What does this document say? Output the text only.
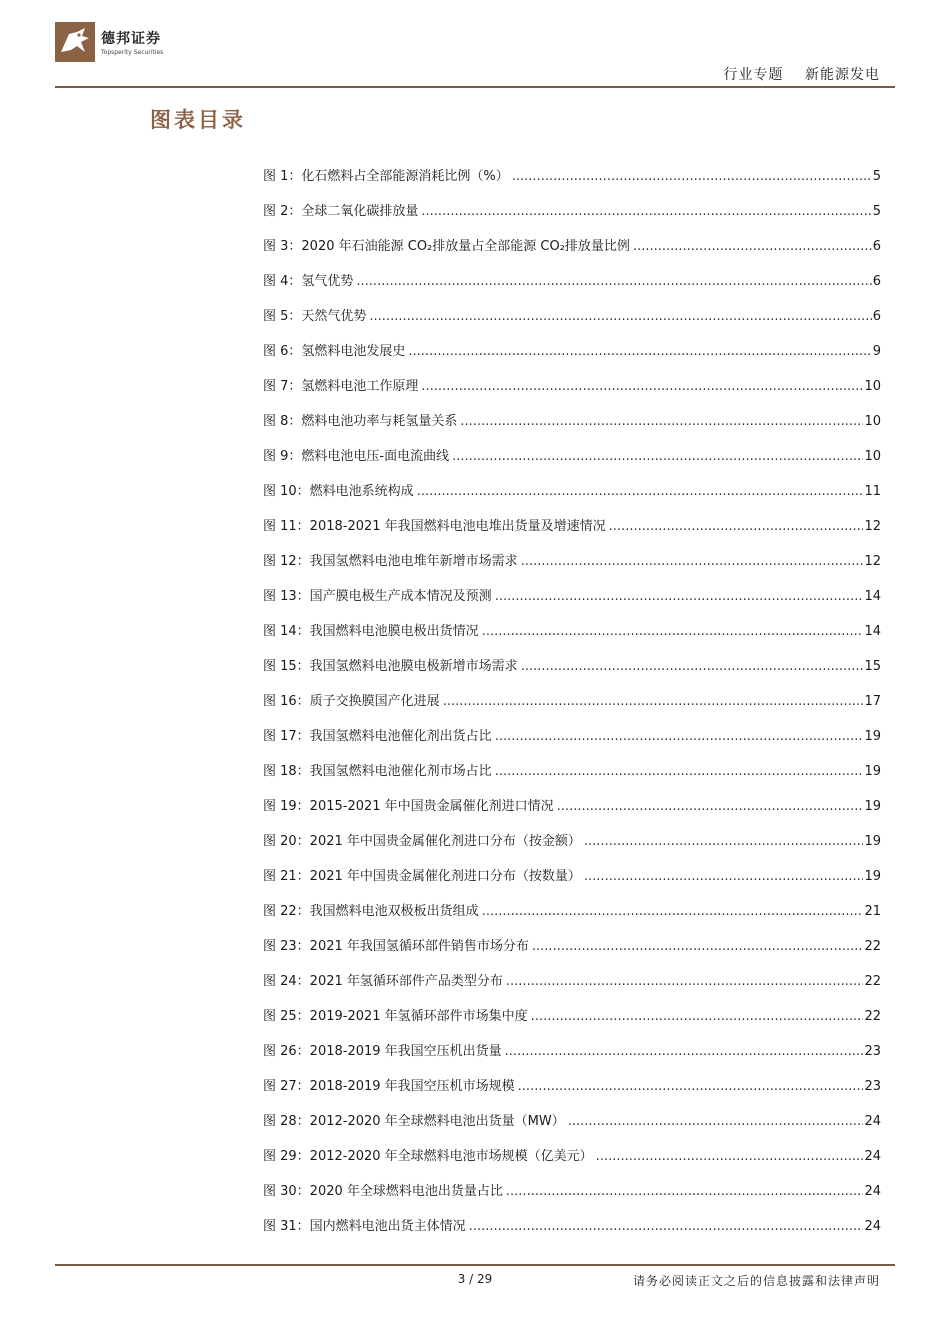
德邦证券
Topsperity Securities
行业专题 新能源发电
图表目录
图 1：化石燃料占全部能源消耗比例（%） .....	5
图 2：全球二氧化碳排放量 .....	5
图 3：2020 年石油能源 CO₂排放量占全部能源 CO₂排放量比例 .....	6
图 4：氢气优势 .....	6
图 5：天然气优势 .....	6
图 6：氢燃料电池发展史 .....	9
图 7：氢燃料电池工作原理 .....	10
图 8：燃料电池功率与耗氢量关系 .....	10
图 9：燃料电池电压-面电流曲线 .....	10
图 10：燃料电池系统构成 .....	11
图 11：2018-2021 年我国燃料电池电堆出货量及增速情况 .....	12
图 12：我国氢燃料电池电堆年新增市场需求 .....	12
图 13：国产膜电极生产成本情况及预测 .....	14
图 14：我国燃料电池膜电极出货情况 .....	14
图 15：我国氢燃料电池膜电极新增市场需求 .....	15
图 16：质子交换膜国产化进展 .....	17
图 17：我国氢燃料电池催化剂出货占比 .....	19
图 18：我国氢燃料电池催化剂市场占比 .....	19
图 19：2015-2021 年中国贵金属催化剂进口情况 .....	19
图 20：2021 年中国贵金属催化剂进口分布（按金额） .....	19
图 21：2021 年中国贵金属催化剂进口分布（按数量） .....	19
图 22：我国燃料电池双极板出货组成 .....	21
图 23：2021 年我国氢循环部件销售市场分布 .....	22
图 24：2021 年氢循环部件产品类型分布 .....	22
图 25：2019-2021 年氢循环部件市场集中度 .....	22
图 26：2018-2019 年我国空压机出货量 .....	23
图 27：2018-2019 年我国空压机市场规模 .....	23
图 28：2012-2020 年全球燃料电池出货量（MW） .....	24
图 29：2012-2020 年全球燃料电池市场规模（亿美元） .....	24
图 30：2020 年全球燃料电池出货量占比 .....	24
图 31：国内燃料电池出货主体情况 .....	24
3 / 29	请务必阅读正文之后的信息披露和法律声明
